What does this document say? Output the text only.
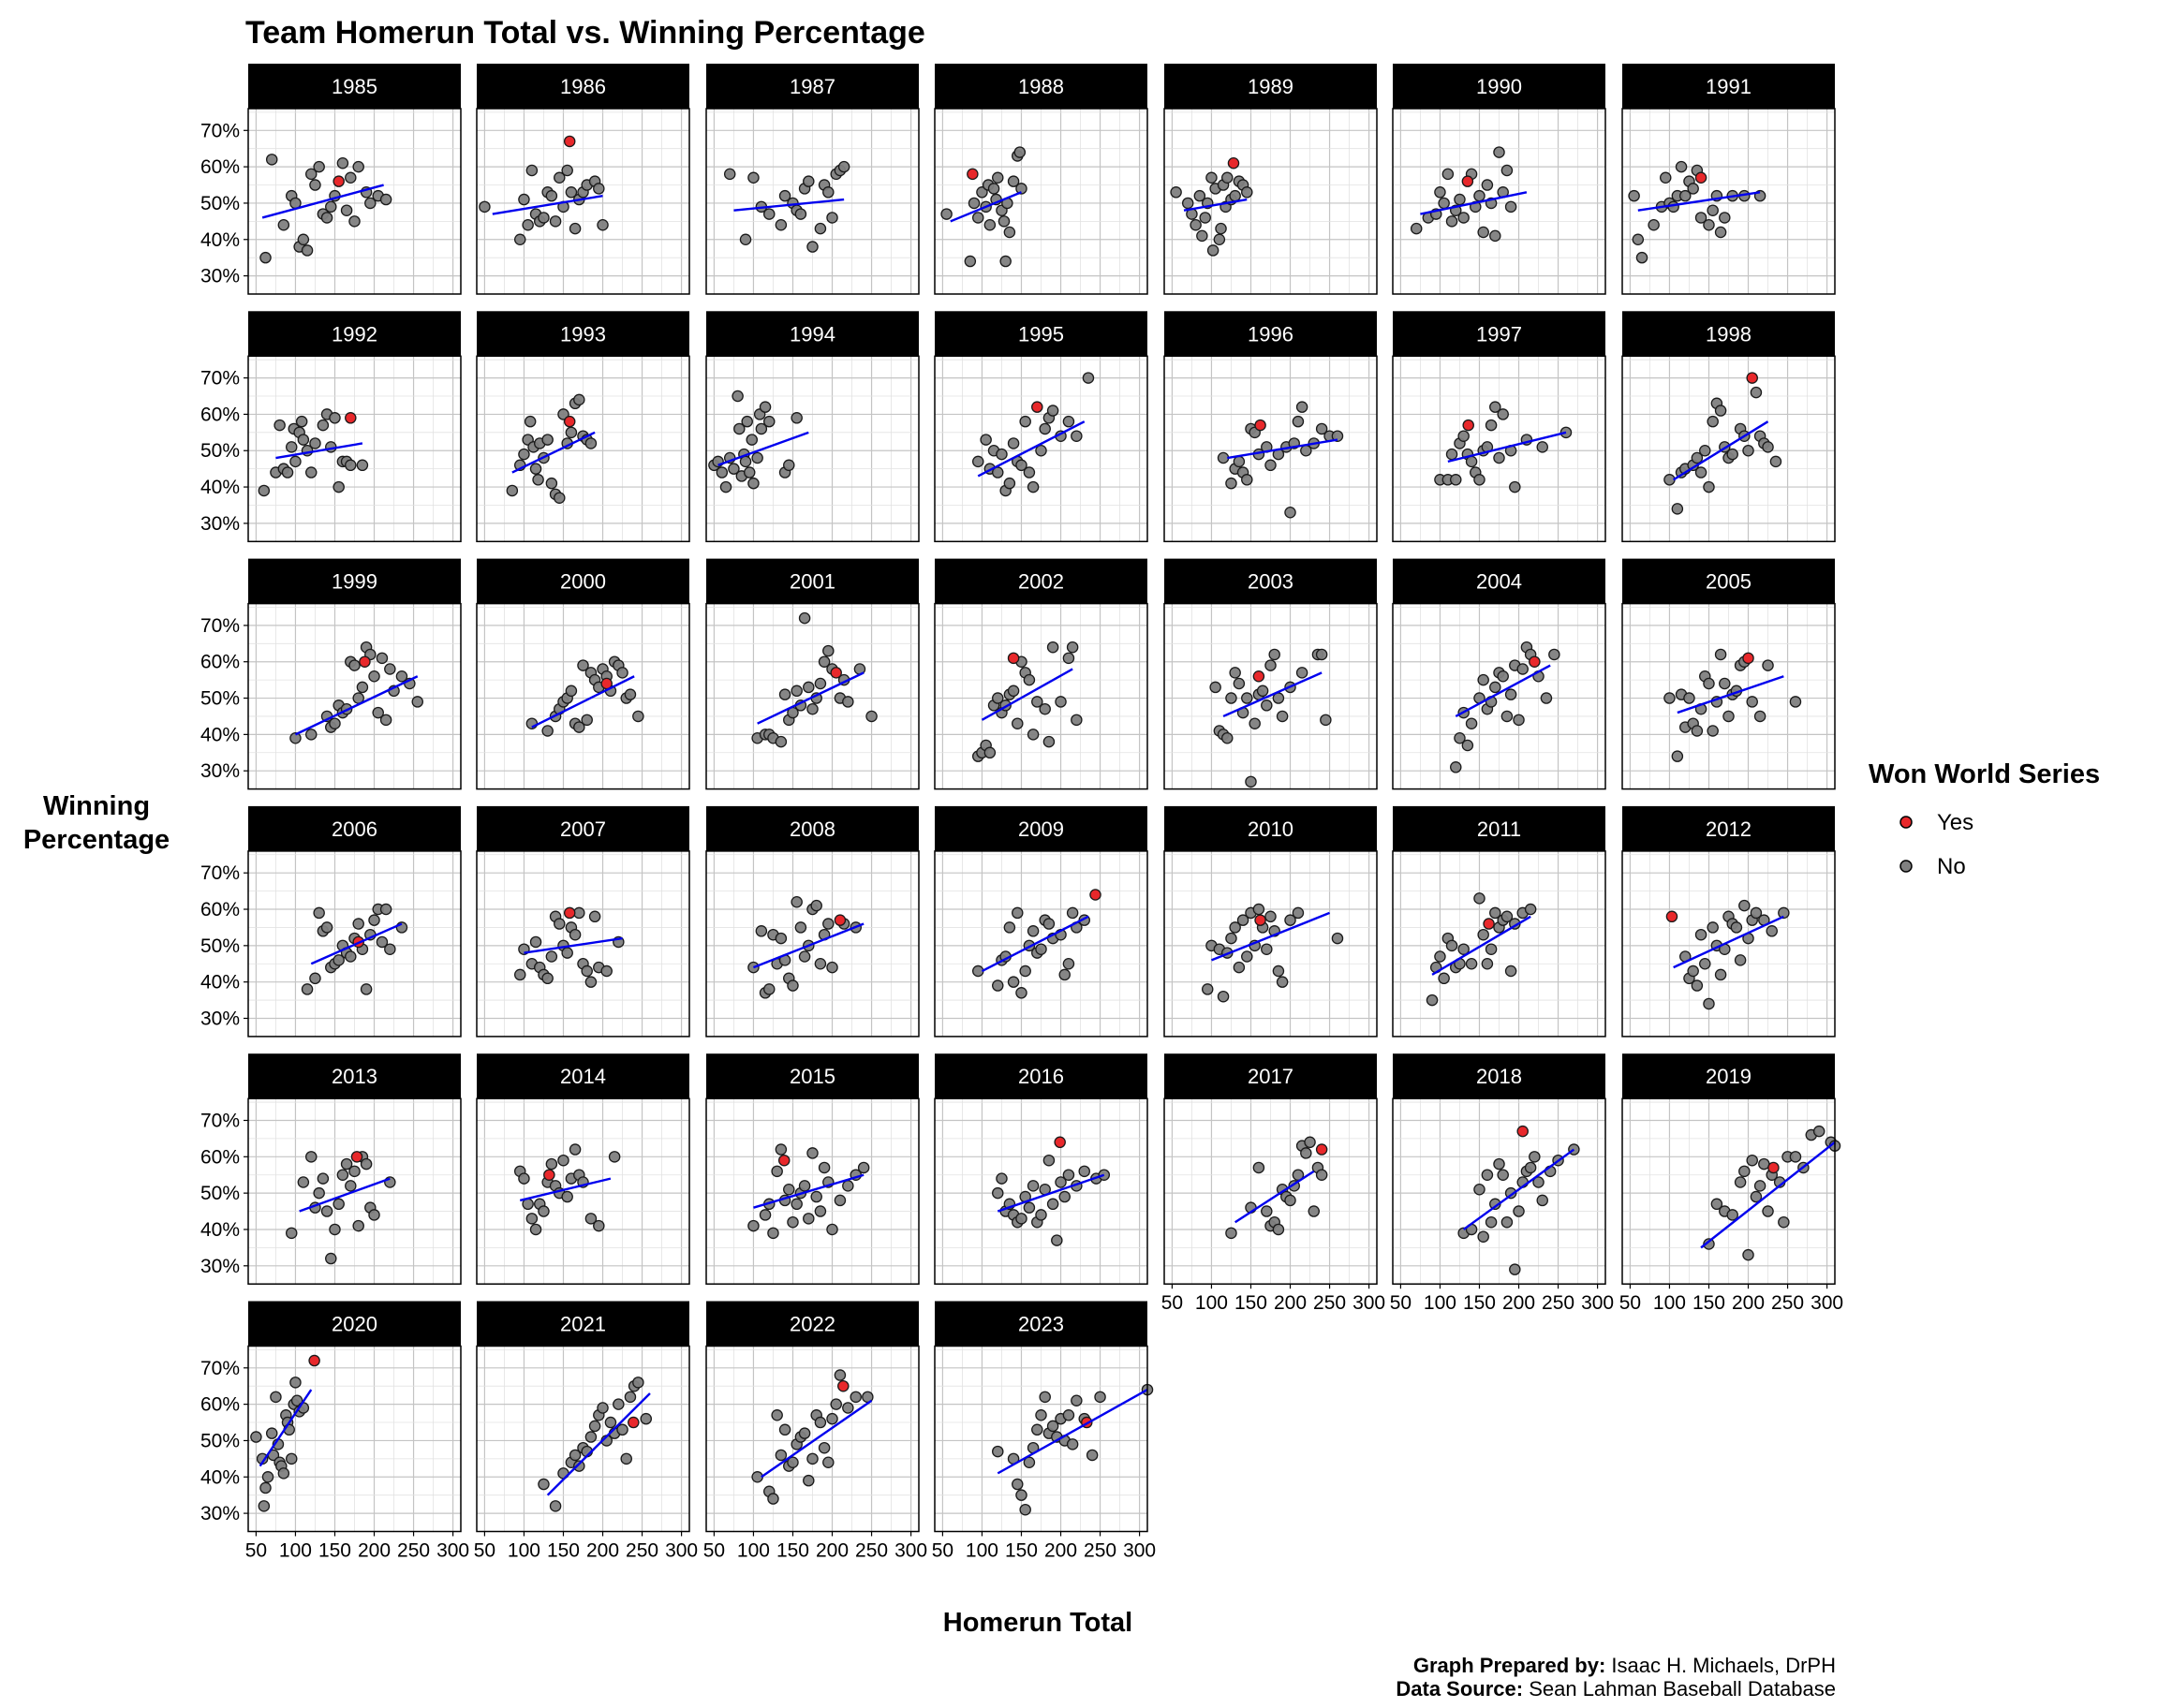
Team Homerun Total vs. Winning Percentage
1985
30%
40%
50%
60%
70%
1986	1987	1988	1989	1990	1991
1992
30%
40%
50%
60%
70%
1993	1994	1995	1996	1997	1998
1999
30%
40%
50%
60%
70%
2000	2001	2002	2003	2004	2005
2006
30%
40%
50%
60%
70%
2007	2008	2009	2010	2011	2012
2013
30%
40%
50%
60%
70%
2014	2015	2016	2017
50 100 150 200 250 300
2018
50 100 150 200 250 300
2019
50 100 150 200 250 300
2020
30%
40%
50%
60%
70%
50 100 150 200 250 300
2021
50 100 150 200 250 300
2022
50 100 150 200 250 300
2023
50 100 150 200 250 300
Winning
Percentage
Homerun Total
Won World Series
Yes
No
Graph Prepared by: Isaac H. Michaels, DrPH
Data Source: Sean Lahman Baseball Database
